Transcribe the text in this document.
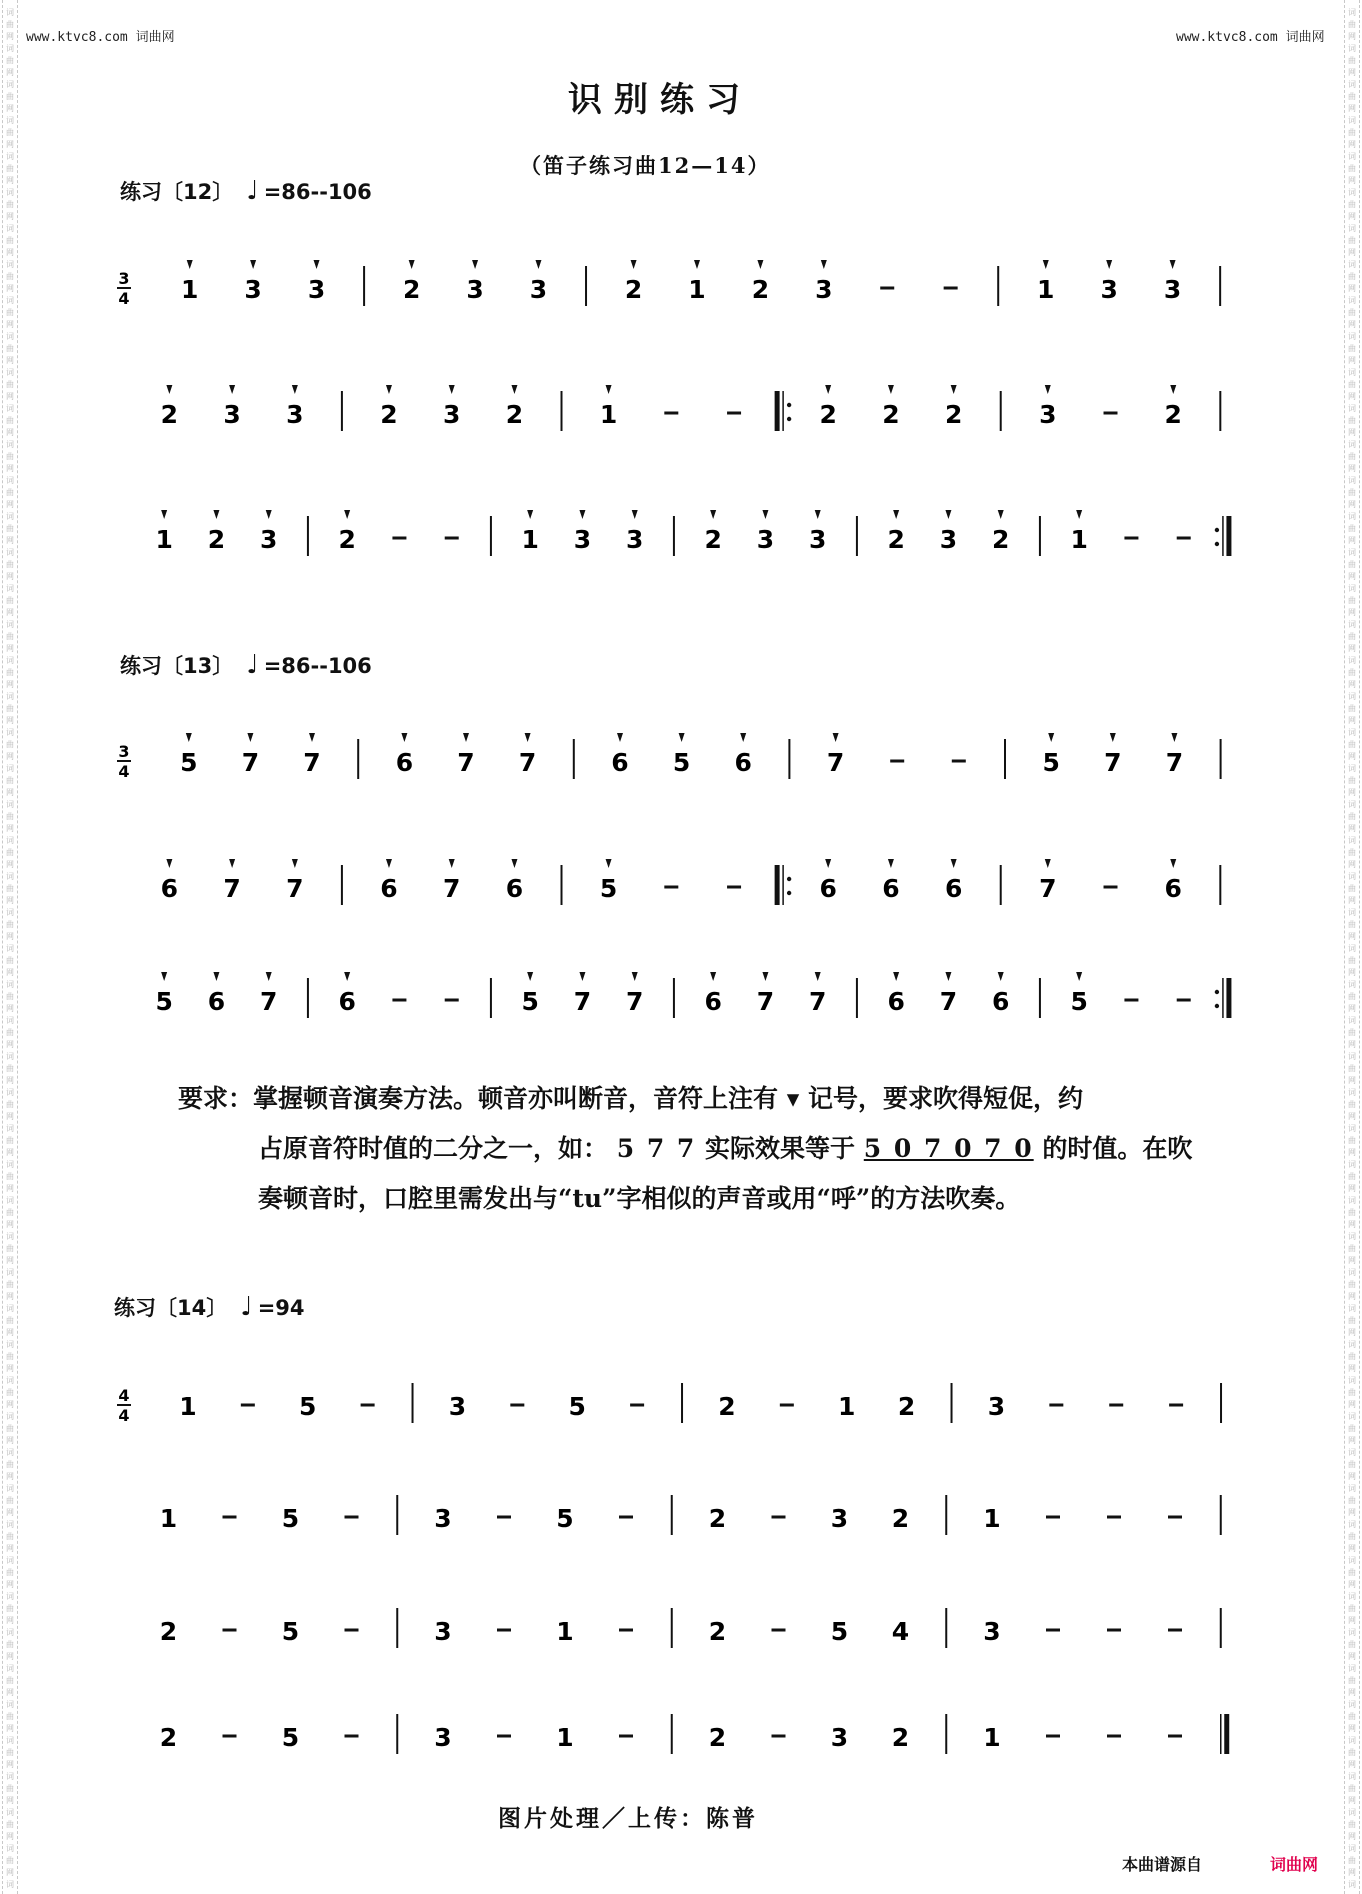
词
曲
网
词
曲
网
词
曲
网
词
曲
网
词
曲
网
词
曲
网
词
曲
网
词
曲
网
词
曲
网
词
曲
网
词
曲
网
词
曲
网
词
曲
网
词
曲
网
词
曲
网
词
曲
网
词
曲
网
词
曲
网
词
曲
网
词
曲
网
词
曲
网
词
曲
网
词
曲
网
词
曲
网
词
曲
网
词
曲
网
词
曲
网
词
曲
网
词
曲
网
词
曲
网
词
曲
网
词
曲
网
词
曲
网
词
曲
网
词
曲
网
词
曲
网
词
曲
网
词
曲
网
词
曲
网
词
曲
网
词
曲
网
词
曲
网
词
曲
网
词
曲
网
词
曲
网
词
曲
网
词
曲
网
词
曲
网
词
曲
网
词
曲
网
词
曲
网
词
曲
网
词
词
曲
网
词
曲
网
词
曲
网
词
曲
网
词
曲
网
词
曲
网
词
曲
网
词
曲
网
词
曲
网
词
曲
网
词
曲
网
词
曲
网
词
曲
网
词
曲
网
词
曲
网
词
曲
网
词
曲
网
词
曲
网
词
曲
网
词
曲
网
词
曲
网
词
曲
网
词
曲
网
词
曲
网
词
曲
网
词
曲
网
词
曲
网
词
曲
网
词
曲
网
词
曲
网
词
曲
网
词
曲
网
词
曲
网
词
曲
网
词
曲
网
词
曲
网
词
曲
网
词
曲
网
词
曲
网
词
曲
网
词
曲
网
词
曲
网
词
曲
网
词
曲
网
词
曲
网
词
曲
网
词
曲
网
词
曲
网
词
曲
网
词
曲
网
词
曲
网
词
曲
网
词
www.ktvc8.com 词曲网	www.ktvc8.com 词曲网
识别练习
（笛子练习曲12—14）
练习〔12〕 ♩ =86--106
练习〔13〕 ♩ =86--106
练习〔14〕 ♩ =94
3
4 1 3 3	2 3 3	2 1 2 3	1 3 3
2 3 3	2 3 2	1	2 2 2	3	2
1 2 3 2	1 3 3 2 3 3 2 3 2 1
3
4 5 7 7	6 7 7	6 5 6	7	5 7 7
6 7 7	6 7 6	5	6 6 6	7	6
5 6 7 6	5 7 7 6 7 7 6 7 6 5
4
4 1	5	3	5	2	1 2	3
1	5	3	5	2	3 2	1
2	5	3	1	2	5 4	3
2	5	3	1	2	3 2	1
要求：掌握顿音演奏方法。顿音亦叫断音，音符上注有 ▾ 记号，要求吹得短促，约
占原音符时值的二分之一，如： 5 7 7 实际效果等于 5 0 7 0 7 0 的时值。在吹
奏顿音时，口腔里需发出与“tu”字相似的声音或用“呼”的方法吹奏。
图片处理／上传：陈普
本曲谱源自	词曲网
